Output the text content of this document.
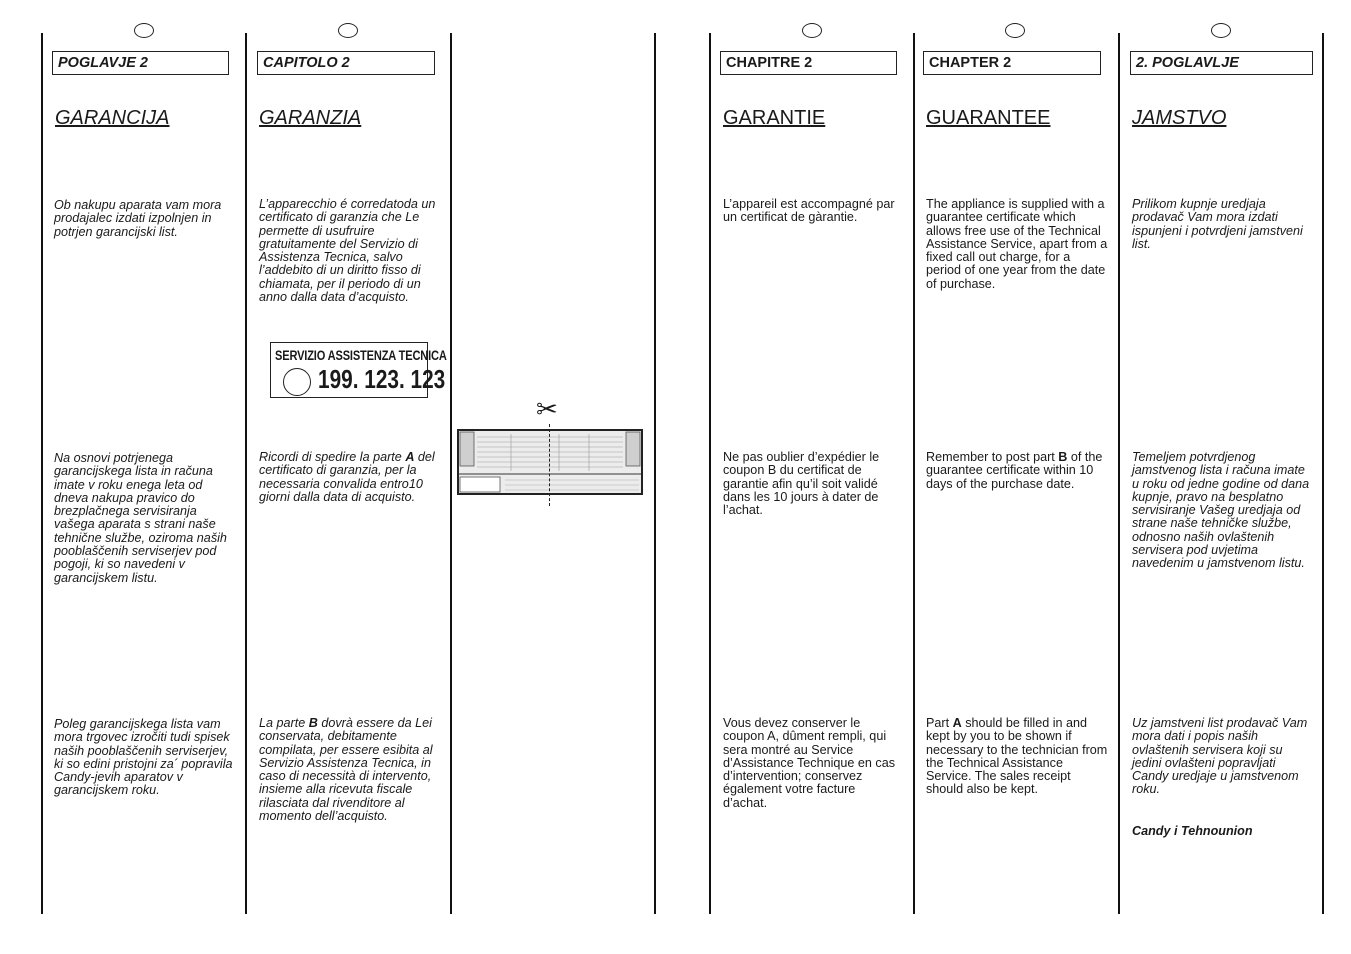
POGLAVJE 2
GARANCIJA
Ob nakupu aparata vam mora prodajalec izdati izpolnjen in potrjen garancijski list.
Na osnovi potrjenega garancijskega lista in računa imate v roku enega leta od dneva nakupa pravico do brezplačnega servisiranja vašega aparata s strani naše tehnične službe, oziroma naših pooblaščenih serviserjev pod pogoji, ki so navedeni v garancijskem listu.
Poleg garancijskega lista vam mora trgovec izročiti tudi spisek naših pooblaščenih serviserjev, ki so edini pristojni za´ popravila Candy-jevih aparatov v garancijskem roku.
CAPITOLO 2
GARANZIA
L’apparecchio é corredatoda un certificato di garanzia che Le permette di usufruire gratuitamente del Servizio di Assistenza Tecnica, salvo l’addebito di un diritto fisso di chiamata, per il periodo di un anno dalla data d’acquisto.
SERVIZIO ASSISTENZA TECNICA
199. 123. 123
Ricordi di spedire la parte A del certificato di garanzia, per la necessaria convalida entro10 giorni dalla data di acquisto.
La parte B dovrà essere da Lei conservata, debitamente compilata, per essere esibita al Servizio Assistenza Tecnica, in caso di necessità di intervento, insieme alla ricevuta fiscale rilasciata dal rivenditore al momento dell’acquisto.
✂
CHAPITRE 2
GARANTIE
L’appareil est accompagné par un certificat de gàrantie.
Ne pas oublier d’expédier le coupon B du certificat de garantie afin qu’il soit validé dans les 10 jours à dater de l’achat.
Vous devez conserver le coupon A, dûment rempli, qui sera montré au Service d’Assistance Technique en cas d’intervention; conservez également votre facture d’achat.
CHAPTER 2
GUARANTEE
The appliance is supplied with a guarantee certificate which allows free use of the Technical Assistance Service, apart from a fixed call out charge, for a period of one year from the date of purchase.
Remember to post part B of the guarantee certificate within 10 days of the purchase date.
Part A should be filled in and kept by you to be shown if necessary to the technician from the Technical Assistance Service. The sales receipt should also be kept.
2. POGLAVLJE
JAMSTVO
Prilikom kupnje uredjaja prodavač Vam mora izdati ispunjeni i potvrdjeni jamstveni list.
Temeljem potvrdjenog jamstvenog lista i računa imate u roku od jedne godine od dana kupnje, pravo na besplatno servisiranje Vašeg uredjaja od strane naše tehničke službe, odnosno naših ovlaštenih servisera pod uvjetima navedenim u jamstvenom listu.
Uz jamstveni list prodavač Vam mora dati i popis naših ovlaštenih servisera koji su jedini ovlašteni popravljati Candy uredjaje u jamstvenom roku.
Candy i Tehnounion
